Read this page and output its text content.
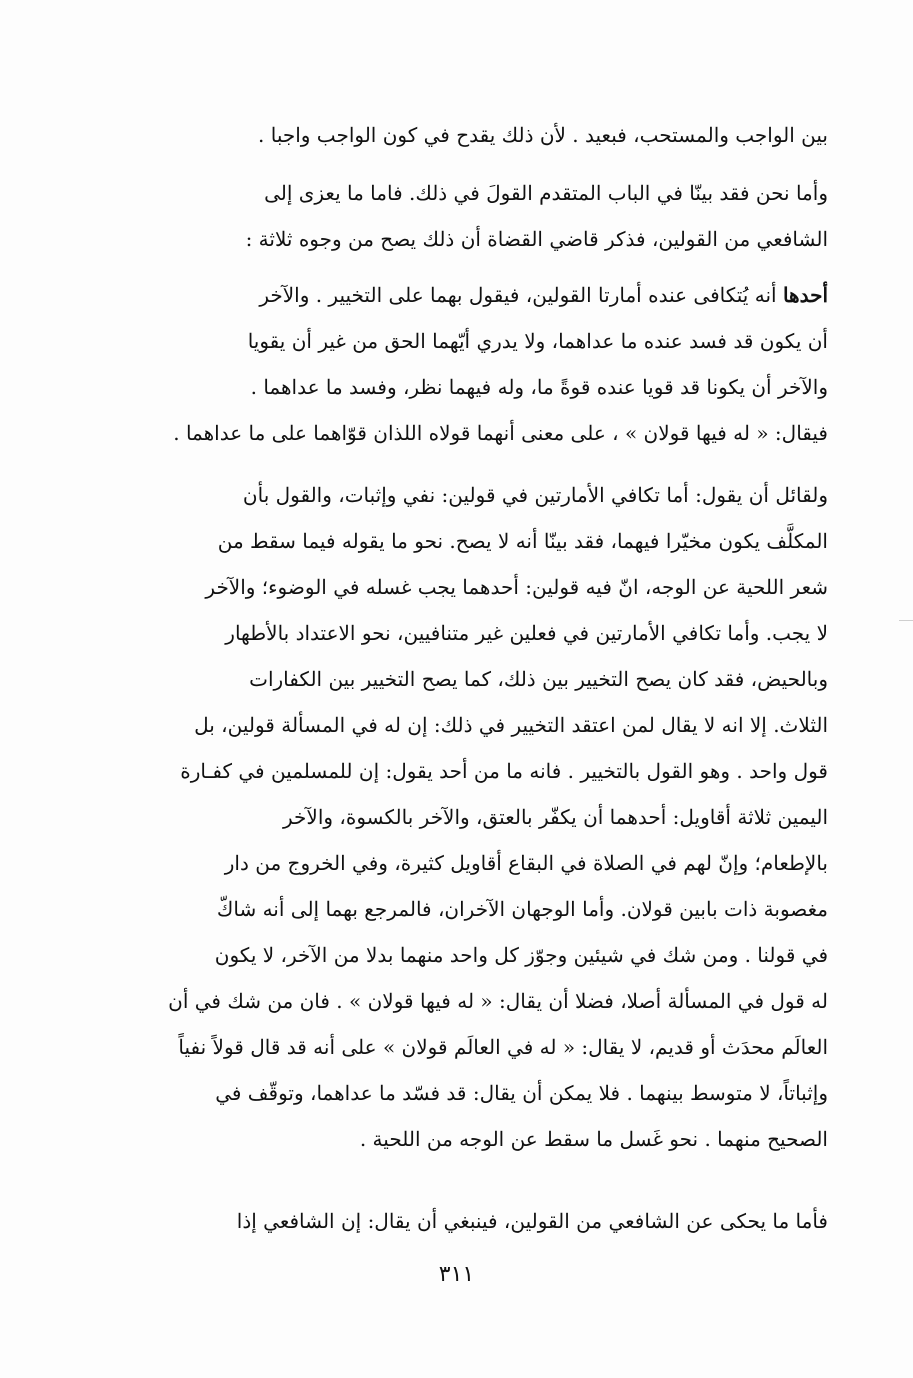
بين الواجب والمستحب، فبعيد . لأن ذلك يقدح في كون الواجب واجبا .

وأما نحن فقد بينّا في الباب المتقدم القولَ في ذلك. فاما ما يعزى إلى
الشافعي من القولين، فذكر قاضي القضاة أن ذلك يصح من وجوه ثلاثة :

أحدها أنه يُتكافى عنده أمارتا القولين، فيقول بهما على التخيير . والآخر
أن يكون قد فسد عنده ما عداهما، ولا يدري أيّهما الحق من غير أن يقويا
والآخر أن يكونا قد قويا عنده قوةً ما، وله فيهما نظر، وفسد ما عداهما .
فيقال: « له فيها قولان » ، على معنى أنهما قولاه اللذان قوّاهما على ما عداهما .

ولقائل أن يقول: أما تكافي الأمارتين في قولين: نفي وإثبات، والقول بأن
المكلَّف يكون مخيّرا فيهما، فقد بينّا أنه لا يصح. نحو ما يقوله فيما سقط من
شعر اللحية عن الوجه، انّ فيه قولين: أحدهما يجب غسله في الوضوء؛ والآخر
لا يجب. وأما تكافي الأمارتين في فعلين غير متنافيين، نحو الاعتداد بالأطهار
وبالحيض، فقد كان يصح التخيير بين ذلك، كما يصح التخيير بين الكفارات
الثلاث. إلا انه لا يقال لمن اعتقد التخيير في ذلك: إن له في المسألة قولين، بل
قول واحد . وهو القول بالتخيير . فانه ما من أحد يقول: إن للمسلمين في كفـارة
اليمين ثلاثة أقاويل: أحدهما أن يكفّر بالعتق، والآخر بالكسوة، والآخر
بالإطعام؛ وإنّ لهم في الصلاة في البقاع أقاويل كثيرة، وفي الخروج من دار
مغصوبة ذات بابين قولان. وأما الوجهان الآخران، فالمرجع بهما إلى أنه شاكّ
في قولنا . ومن شك في شيئين وجوّز كل واحد منهما بدلا من الآخر، لا يكون
له قول في المسألة أصلا، فضلا أن يقال: « له فيها قولان » . فان من شك في أن
العالَم محدَث أو قديم، لا يقال: « له في العالَم قولان » على أنه قد قال قولاً نفياً
وإثباتاً، لا متوسط بينهما . فلا يمكن أن يقال: قد فسّد ما عداهما، وتوقّف في
الصحيح منهما . نحو غَسل ما سقط عن الوجه من اللحية .

فأما ما يحكى عن الشافعي من القولين، فينبغي أن يقال: إن الشافعي إذا

٣١١
